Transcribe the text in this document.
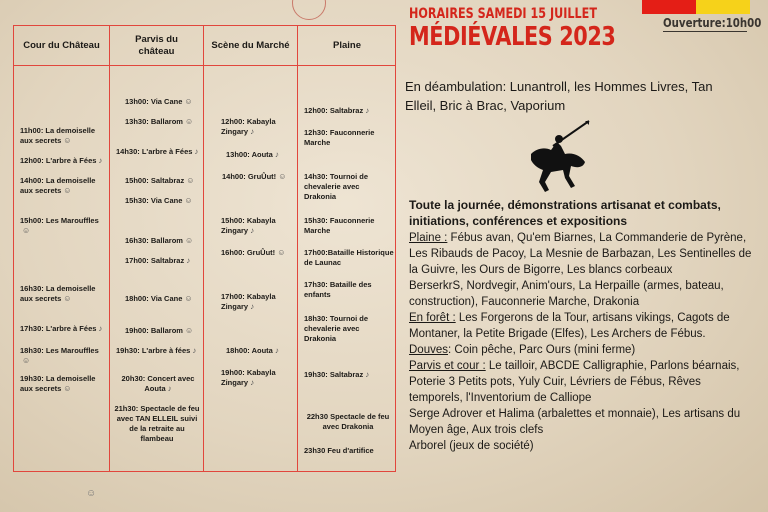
Ouverture:10h00
HORAIRES SAMEDI 15 JUILLET
MÉDIÉVALES 2023
Cour du Château
Parvis du château
Scène du Marché	Plaine
11h00: La demoiselle aux secrets ☺
12h00: L'arbre à Fées ♪
14h00: La demoiselle aux secrets ☺
15h00: Les Marouffles☺
16h30: La demoiselle aux secrets ☺
17h30: L'arbre à Fées ♪
18h30: Les Marouffles☺
19h30: La demoiselle aux secrets ☺
13h00: Via Cane ☺
13h30: Ballarom ☺
14h30: L'arbre à Fées ♪
15h00: Saltabraz ☺
15h30: Via Cane ☺
16h30: Ballarom ☺
17h00: Saltabraz ♪
18h00: Via Cane ☺
19h00: Ballarom ☺
19h30: L'arbre à fées ♪
20h30: Concert avec Aouta ♪
21h30: Spectacle de feu avec TAN ELLEIL suivi de la retraite au flambeau
12h00: Kabayla Zingary ♪
13h00: Aouta ♪
14h00: GruÛut! ☺
15h00: Kabayla Zingary ♪
16h00: GruÛut! ☺
17h00: Kabayla Zingary ♪
18h00: Aouta ♪
19h00: Kabayla Zingary ♪
12h00: Saltabraz ♪
12h30: Fauconnerie Marche
14h30: Tournoi de chevalerie avec Drakonia
15h30: Fauconnerie Marche
17h00:Bataille Historique de Launac
17h30: Bataille des enfants
18h30: Tournoi de chevalerie avec Drakonia
19h30: Saltabraz ♪
22h30 Spectacle de feu avec Drakonia
23h30 Feu d'artifice
☺
En déambulation: Lunantroll, les Hommes Livres, Tan Elleil, Bric à Brac, Vaporium
Toute la journée, démonstrations artisanat et combats, initiations, conférences et expositions
Plaine : Fébus avan, Qu'em Biarnes, La Commanderie de Pyrène, Les Ribauds de Pacoy, La Mesnie de Barbazan, Les Sentinelles de la Guivre, les Ours de Bigorre, Les blancs corbeaux
BerserkrS, Nordvegir, Anim'ours, La Herpaille (armes, bateau, construction), Fauconnerie Marche, Drakonia
En forêt : Les Forgerons de la Tour, artisans vikings, Cagots de Montaner, la Petite Brigade (Elfes), Les Archers de Fébus.
Douves: Coin pêche, Parc Ours (mini ferme)
Parvis et cour : Le tailloir, ABCDE Calligraphie, Parlons béarnais, Poterie 3 Petits pots, Yuly Cuir, Lévriers de Fébus, Rêves temporels, l'Inventorium de Calliope
Serge Adrover et Halima (arbalettes et monnaie), Les artisans du Moyen âge, Aux trois clefs
Arborel (jeux de société)
